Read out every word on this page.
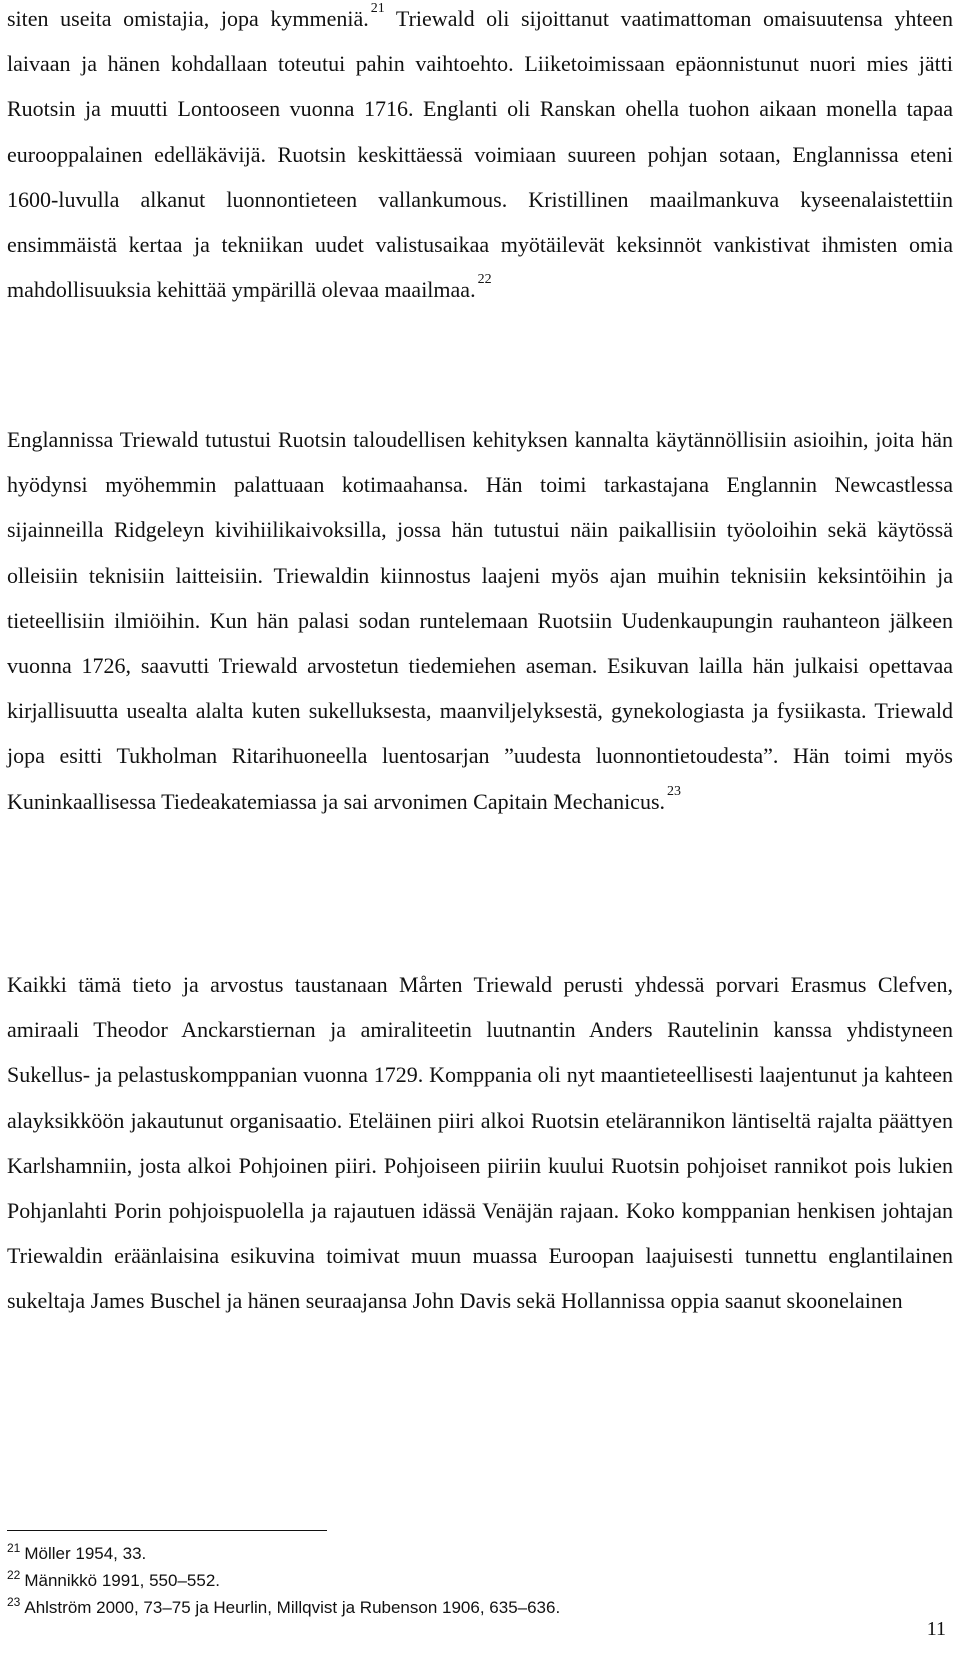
siten useita omistajia, jopa kymmeniä. $^{21}$ Triewald oli sijoittanut vaatimattoman omaisuutensa yhteen laivaan ja hänen kohdallaan toteutui pahin vaihtoehto. Liiketoimissaan epäonnistunut nuori mies jätti Ruotsin ja muutti Lontooseen vuonna 1716. Englanti oli Ranskan ohella tuohon aikaan monella tapaa eurooppalainen edelläkävijä. Ruotsin keskittäessä voimiaan suureen pohjan sotaan, Englannissa eteni 1600-luvulla alkanut luonnontieteen vallankumous. Kristillinen maailmankuva kyseenalaistettiin ensimmäistä kertaa ja tekniikan uudet valistusaikaa myötäilevät keksinnöt vankistivat ihmisten omia mahdollisuuksia kehittää ympärillä olevaa maailmaa. $^{22}$

Englannissa Triewald tutustui Ruotsin taloudellisen kehityksen kannalta käytännöllisiin asioihin, joita hän hyödynsi myöhemmin palattuaan kotimaahansa. Hän toimi tarkastajana Englannin Newcastlessa sijainneilla Ridgeleyn kivihiilikaivoksilla, jossa hän tutustui näin paikallisiin työoloihin sekä käytössä olleisiin teknisiin laitteisiin. Triewaldin kiinnostus laajeni myös ajan muihin teknisiin keksintöihin ja tieteellisiin ilmiöihin. Kun hän palasi sodan runtelemaan Ruotsiin Uudenkaupungin rauhanteon jälkeen vuonna 1726, saavutti Triewald arvostetun tiedemiehen aseman. Esikuvan lailla hän julkaisi opettavaa kirjallisuutta usealta alalta kuten sukelluksesta, maanviljelyksestä, gynekologiasta ja fysiikasta. Triewald jopa esitti Tukholman Ritarihuoneella luentosarjan ”uudesta luonnontietoudesta”. Hän toimi myös Kuninkaallisessa Tiedeakatemiassa ja sai arvonimen Capitain Mechanicus. $^{23}$

Kaikki tämä tieto ja arvostus taustanaan Mårten Triewald perusti yhdessä porvari Erasmus Clefven, amiraali Theodor Anckarstiernan ja amiraliteetin luutnantin Anders Rautelinin kanssa yhdistyneen Sukellus- ja pelastuskomppanian vuonna 1729. Komppania oli nyt maantieteellisesti laajentunut ja kahteen alayksikköön jakautunut organisaatio. Eteläinen piiri alkoi Ruotsin etelärannikon läntiseltä rajalta päättyen Karlshamniin, josta alkoi Pohjoinen piiri. Pohjoiseen piiriin kuului Ruotsin pohjoiset rannikot pois lukien Pohjanlahti Porin pohjoispuolella ja rajautuen idässä Venäjän rajaan. Koko komppanian henkisen johtajan Triewaldin eräänlaisina esikuvina toimivat muun muassa Euroopan laajuisesti tunnettu englantilainen sukeltaja James Buschel ja hänen seuraajansa John Davis sekä Hollannissa oppia saanut skoonelainen

$^{21}$ Möller 1954, 33.

$^{22}$ Männikkö 1991, 550–552.

$^{23}$ Ahlström 2000, 73–75 ja Heurlin, Millqvist ja Rubenson 1906, 635–636.

11
